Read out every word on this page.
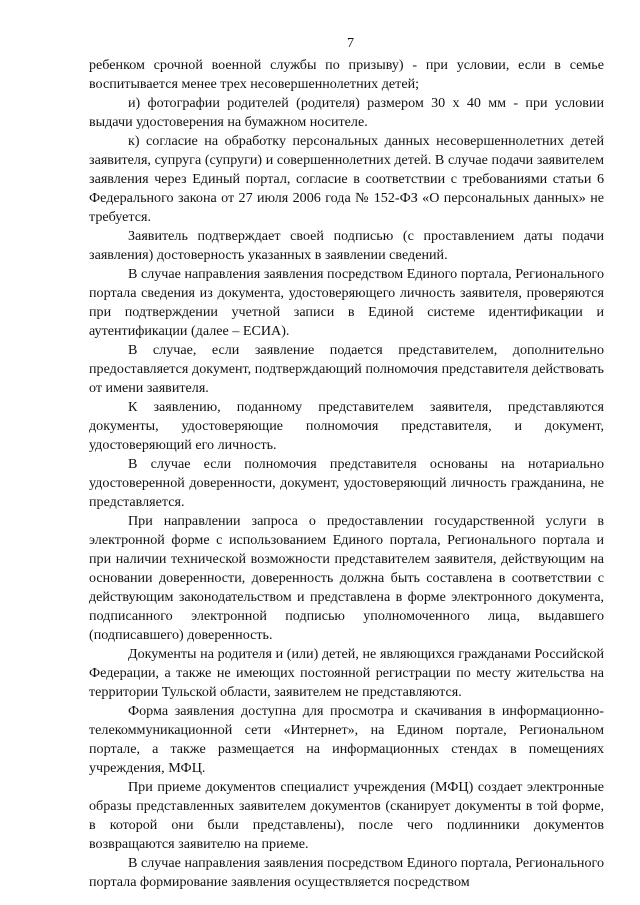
7

ребенком срочной военной службы по призыву) - при условии, если в семье воспитывается менее трех несовершеннолетних детей;

и) фотографии родителей (родителя) размером 30 х 40 мм - при условии выдачи удостоверения на бумажном носителе.

к) согласие на обработку персональных данных несовершеннолетних детей заявителя, супруга (супруги) и совершеннолетних детей. В случае подачи заявителем заявления через Единый портал, согласие в соответствии с требованиями статьи 6 Федерального закона от 27 июля 2006 года № 152-ФЗ «О персональных данных» не требуется.

Заявитель подтверждает своей подписью (с проставлением даты подачи заявления) достоверность указанных в заявлении сведений.

В случае направления заявления посредством Единого портала, Регионального портала сведения из документа, удостоверяющего личность заявителя, проверяются при подтверждении учетной записи в Единой системе идентификации и аутентификации (далее – ЕСИА).

В случае, если заявление подается представителем, дополнительно предоставляется документ, подтверждающий полномочия представителя действовать от имени заявителя.

К заявлению, поданному представителем заявителя, представляются документы, удостоверяющие полномочия представителя, и документ, удостоверяющий его личность.

В случае если полномочия представителя основаны на нотариально удостоверенной доверенности, документ, удостоверяющий личность гражданина, не представляется.

При направлении запроса о предоставлении государственной услуги в электронной форме с использованием Единого портала, Регионального портала и при наличии технической возможности представителем заявителя, действующим на основании доверенности, доверенность должна быть составлена в соответствии с действующим законодательством и представлена в форме электронного документа, подписанного электронной подписью уполномоченного лица, выдавшего (подписавшего) доверенность.

Документы на родителя и (или) детей, не являющихся гражданами Российской Федерации, а также не имеющих постоянной регистрации по месту жительства на территории Тульской области, заявителем не представляются.

Форма заявления доступна для просмотра и скачивания в информационно-телекоммуникационной сети «Интернет», на Едином портале, Региональном портале, а также размещается на информационных стендах в помещениях учреждения, МФЦ.

При приеме документов специалист учреждения (МФЦ) создает электронные образы представленных заявителем документов (сканирует документы в той форме, в которой они были представлены), после чего подлинники документов возвращаются заявителю на приеме.

В случае направления заявления посредством Единого портала, Регионального портала формирование заявления осуществляется посредством
